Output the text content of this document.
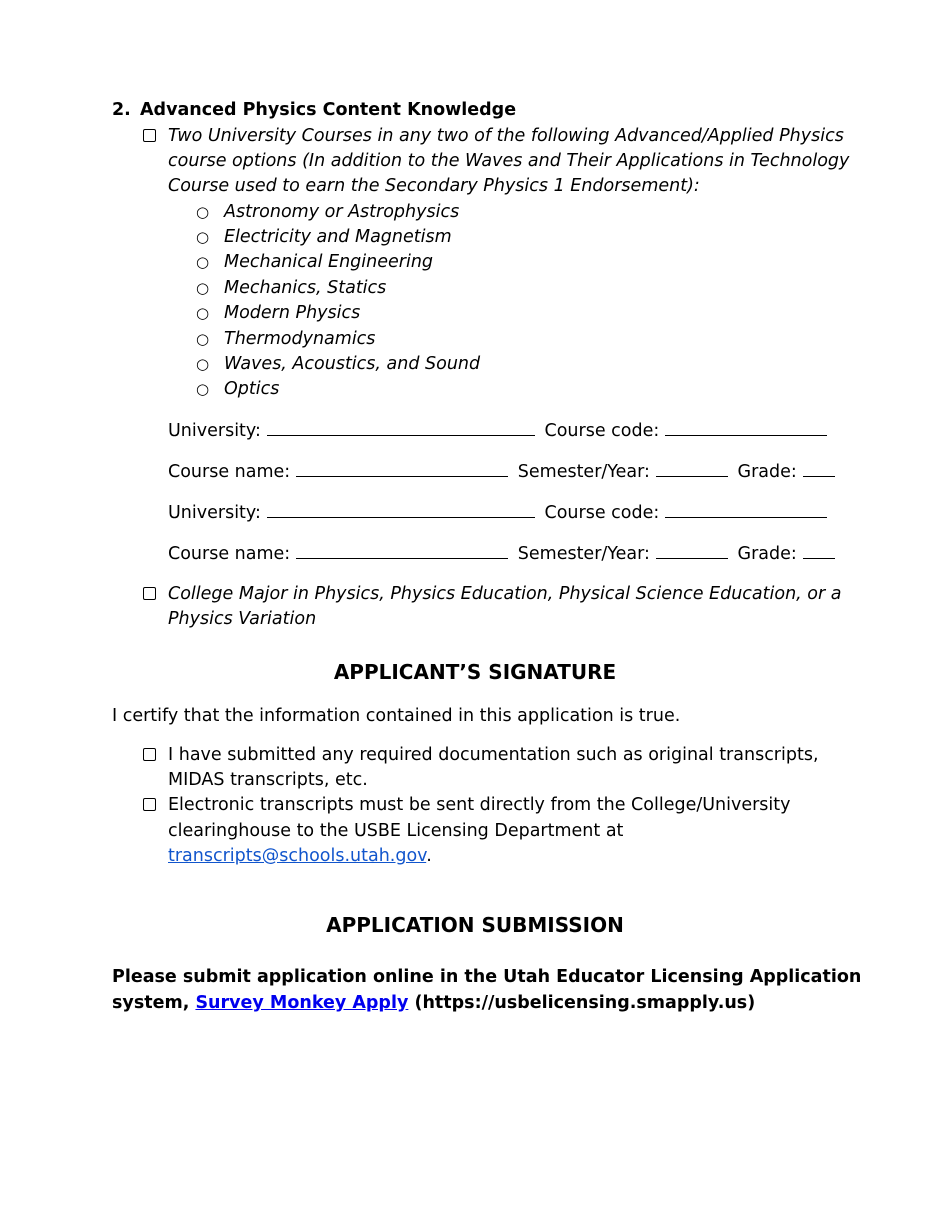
2. Advanced Physics Content Knowledge
Two University Courses in any two of the following Advanced/Applied Physics
course options (In addition to the Waves and Their Applications in Technology
Course used to earn the Secondary Physics 1 Endorsement):
○ Astronomy or Astrophysics
○ Electricity and Magnetism
○ Mechanical Engineering
○ Mechanics, Statics
○ Modern Physics
○ Thermodynamics
○ Waves, Acoustics, and Sound
○ Optics
University:	Course code:
Course name:	Semester/Year:	Grade:
University:	Course code:
Course name:	Semester/Year:	Grade:
College Major in Physics, Physics Education, Physical Science Education, or a
Physics Variation
APPLICANT’S SIGNATURE
I certify that the information contained in this application is true.
I have submitted any required documentation such as original transcripts,
MIDAS transcripts, etc.
Electronic transcripts must be sent directly from the College/University
clearinghouse to the USBE Licensing Department at
transcripts@schools.utah.gov.
APPLICATION SUBMISSION
Please submit application online in the Utah Educator Licensing Application
system, Survey Monkey Apply (https://usbelicensing.smapply.us)
